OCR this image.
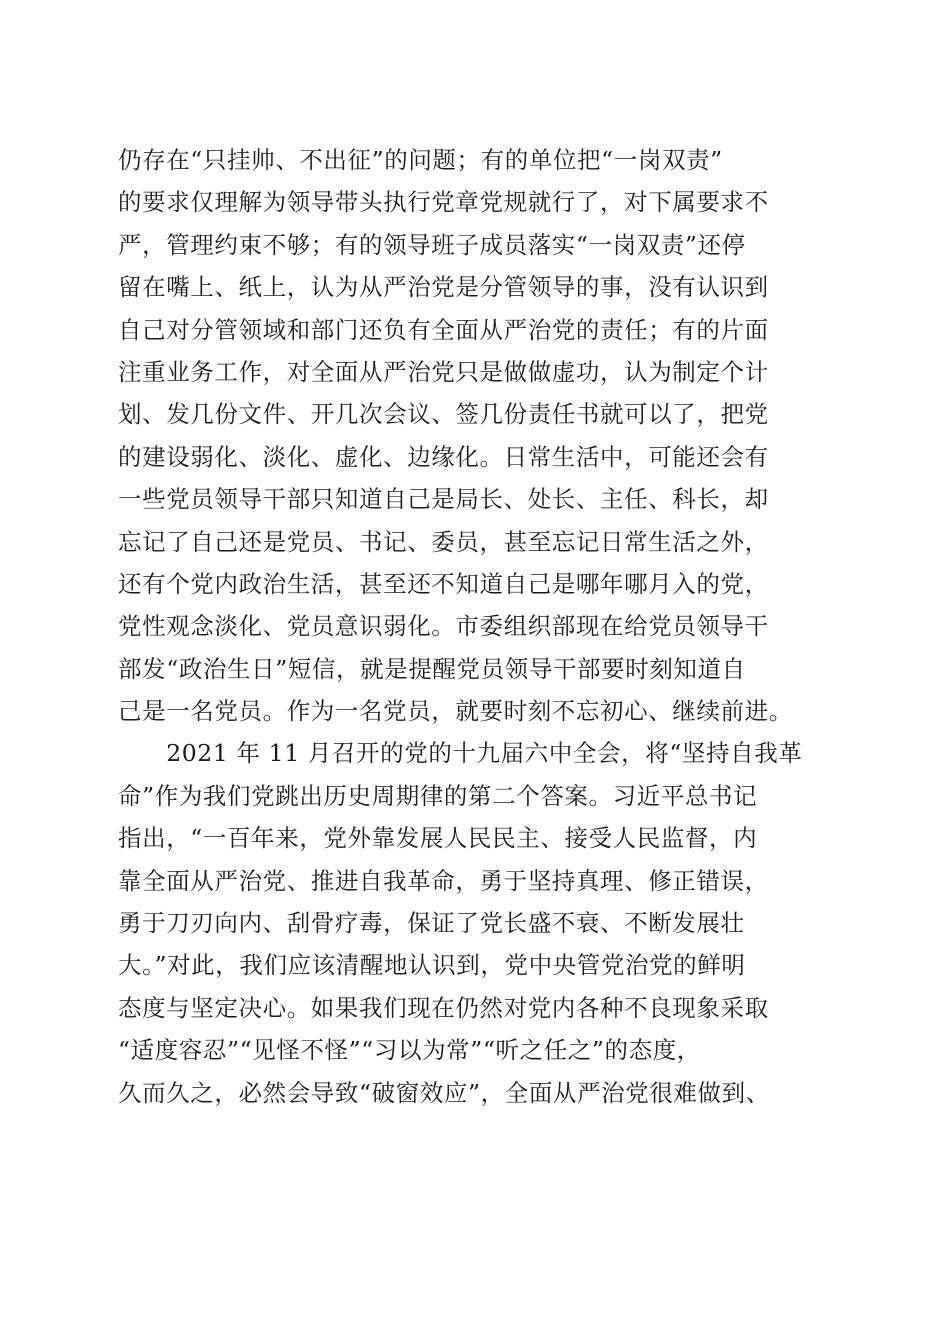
仍存在“只挂帅、不出征”的问题；有的单位把“一岗双责”
的要求仅理解为领导带头执行党章党规就行了，对下属要求不
严，管理约束不够；有的领导班子成员落实“一岗双责”还停
留在嘴上、纸上，认为从严治党是分管领导的事，没有认识到
自己对分管领域和部门还负有全面从严治党的责任；有的片面
注重业务工作，对全面从严治党只是做做虚功，认为制定个计
划、发几份文件、开几次会议、签几份责任书就可以了，把党
的建设弱化、淡化、虚化、边缘化。日常生活中，可能还会有
一些党员领导干部只知道自己是局长、处长、主任、科长，却
忘记了自己还是党员、书记、委员，甚至忘记日常生活之外，
还有个党内政治生活，甚至还不知道自己是哪年哪月入的党，
党性观念淡化、党员意识弱化。市委组织部现在给党员领导干
部发“政治生日”短信，就是提醒党员领导干部要时刻知道自
己是一名党员。作为一名党员，就要时刻不忘初心、继续前进。
　　2021 年 11 月召开的党的十九届六中全会，将“坚持自我革
命”作为我们党跳出历史周期律的第二个答案。习近平总书记
指出，“一百年来，党外靠发展人民民主、接受人民监督，内
靠全面从严治党、推进自我革命，勇于坚持真理、修正错误，
勇于刀刃向内、刮骨疗毒，保证了党长盛不衰、不断发展壮
大。”对此，我们应该清醒地认识到，党中央管党治党的鲜明
态度与坚定决心。如果我们现在仍然对党内各种不良现象采取
“适度容忍”“见怪不怪”“习以为常”“听之任之”的态度，
久而久之，必然会导致“破窗效应”，全面从严治党很难做到、
